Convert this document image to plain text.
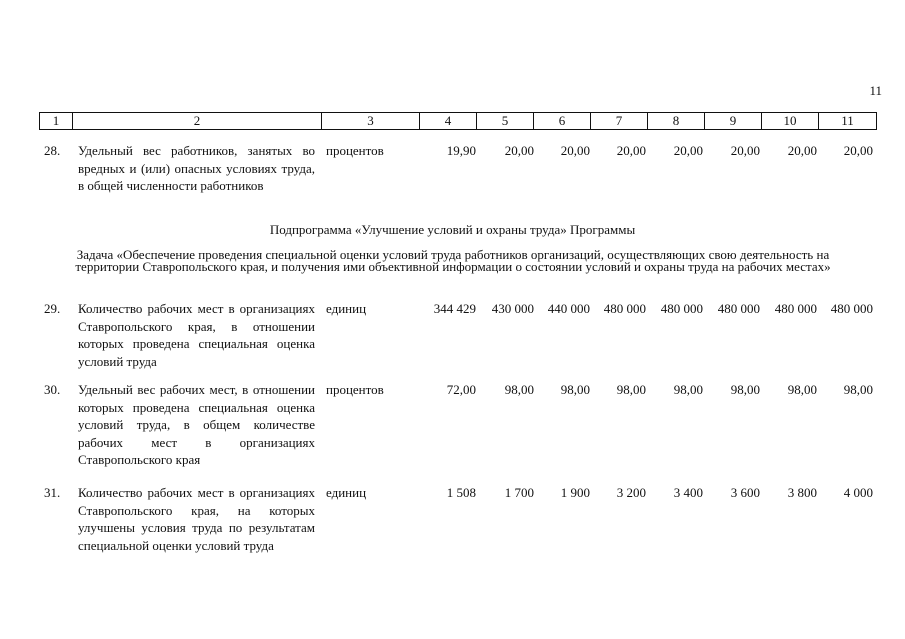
11
1	2	3	4	5	6	7	8	9	10	11
28. Удельный вес работников, занятых во вредных и (или) опасных условиях труда, в общей численности работников
процентов	19,90	20,00	20,00	20,00	20,00	20,00	20,00	20,00
Подпрограмма «Улучшение условий и охраны труда» Программы
Задача «Обеспечение проведения специальной оценки условий труда работников организаций, осуществляющих свою деятельность на территории Ставропольского края, и получения ими объективной информации о состоянии условий и охраны труда на рабочих местах»
29. Количество рабочих мест в организациях Ставропольского края, в отношении которых проведена специальная оценка условий труда
единиц	344 429	430 000	440 000	480 000	480 000	480 000	480 000	480 000
30. Удельный вес рабочих мест, в отношении которых проведена специальная оценка условий труда, в общем количестве рабочих мест в организациях Ставропольского края
процентов	72,00	98,00	98,00	98,00	98,00	98,00	98,00	98,00
31. Количество рабочих мест в организациях Ставропольского края, на которых улучшены условия труда по результатам специальной оценки условий труда
единиц	1 508	1 700	1 900	3 200	3 400	3 600	3 800	4 000
